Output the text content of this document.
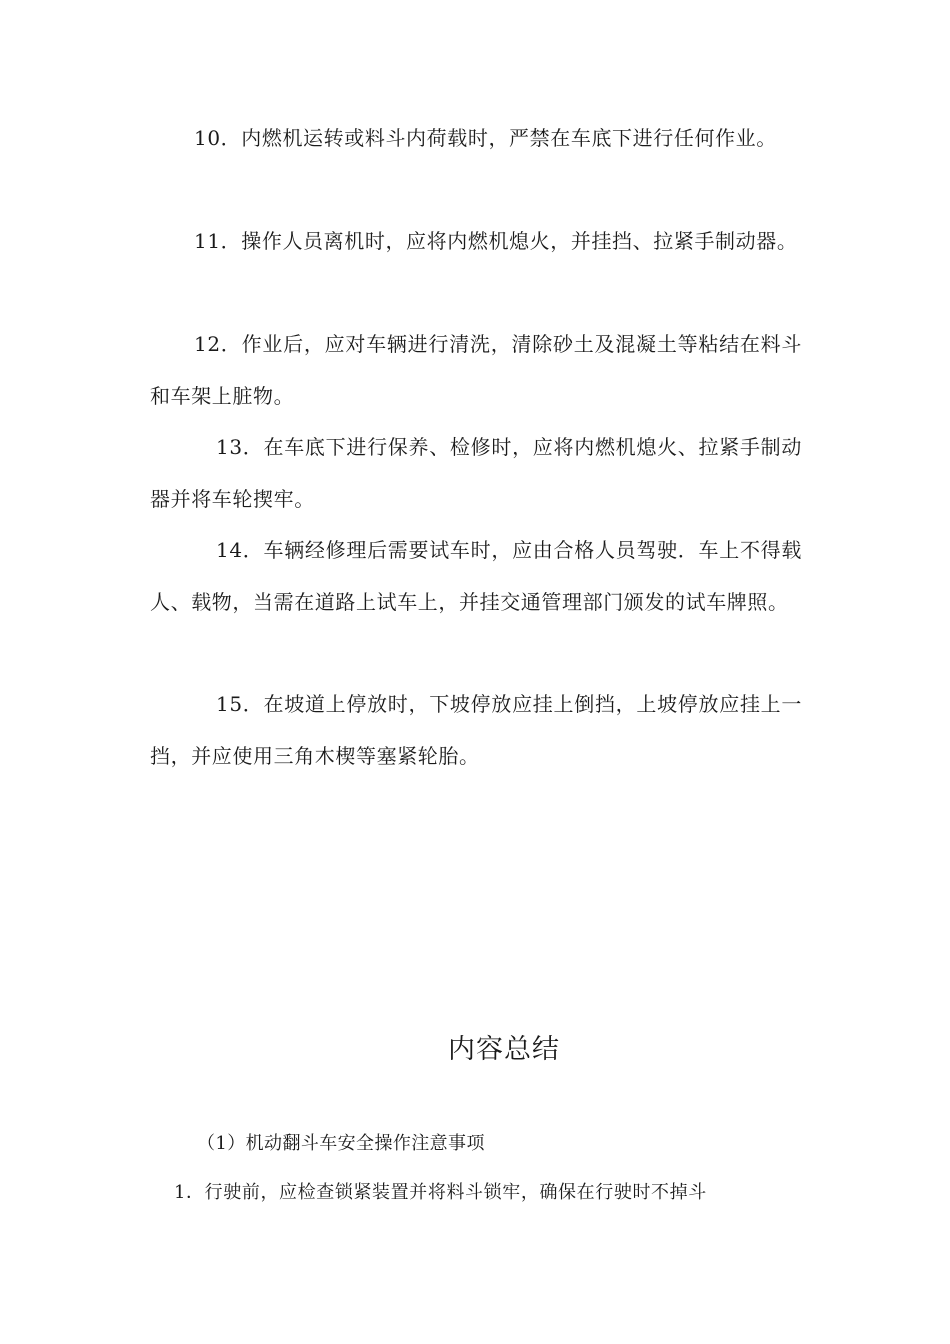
10．内燃机运转或料斗内荷载时，严禁在车底下进行任何作业。

11．操作人员离机时，应将内燃机熄火，并挂挡、拉紧手制动器。

12．作业后，应对车辆进行清洗，清除砂土及混凝土等粘结在料斗和车架上脏物。

13．在车底下进行保养、检修时，应将内燃机熄火、拉紧手制动器并将车轮揳牢。

14．车辆经修理后需要试车时，应由合格人员驾驶．车上不得载人、载物，当需在道路上试车上，并挂交通管理部门颁发的试车牌照。

15．在坡道上停放时，下坡停放应挂上倒挡，上坡停放应挂上一挡，并应使用三角木楔等塞紧轮胎。

内容总结

（1）机动翻斗车安全操作注意事项

1．行驶前，应检查锁紧装置并将料斗锁牢，确保在行驶时不掉斗
